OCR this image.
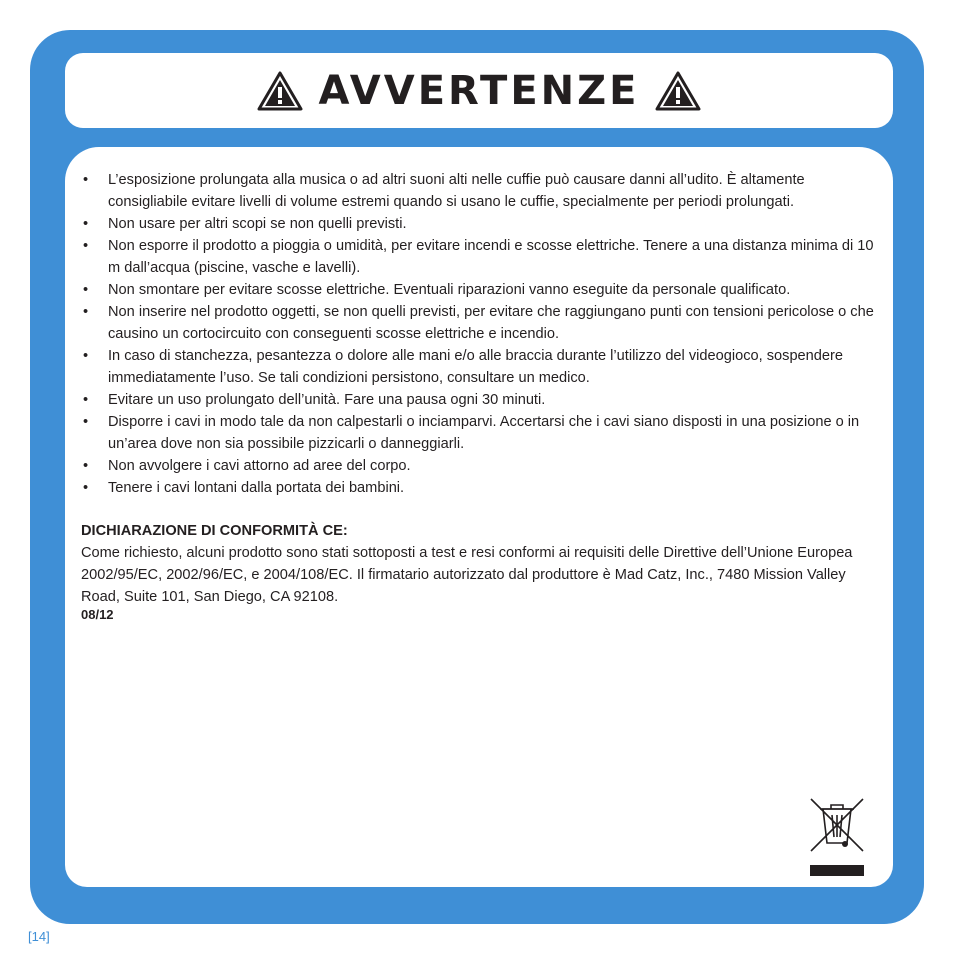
AVVERTENZE
• L’esposizione prolungata alla musica o ad altri suoni alti nelle cuffie può causare danni all’udito. È altamente consigliabile evitare livelli di volume estremi quando si usano le cuffie, specialmente per periodi prolungati.
• Non usare per altri scopi se non quelli previsti.
• Non esporre il prodotto a pioggia o umidità, per evitare incendi e scosse elettriche. Tenere a una distanza minima di 10 m dall’acqua (piscine, vasche e lavelli).
• Non smontare per evitare scosse elettriche. Eventuali riparazioni vanno eseguite da personale qualificato.
• Non inserire nel prodotto oggetti, se non quelli previsti, per evitare che raggiungano punti con tensioni pericolose o che causino un cortocircuito con conseguenti scosse elettriche e incendio.
• In caso di stanchezza, pesantezza o dolore alle mani e/o alle braccia durante l’utilizzo del videogioco, sospendere immediatamente l’uso. Se tali condizioni persistono, consultare un medico.
• Evitare un uso prolungato dell’unità. Fare una pausa ogni 30 minuti.
• Disporre i cavi in modo tale da non calpestarli o inciamparvi. Accertarsi che i cavi siano disposti in una posizione o in un’area dove non sia possibile pizzicarli o danneggiarli.
• Non avvolgere i cavi attorno ad aree del corpo.
• Tenere i cavi lontani dalla portata dei bambini.
DICHIARAZIONE DI CONFORMITÀ CE:
Come richiesto, alcuni prodotto sono stati sottoposti a test e resi conformi ai requisiti delle Direttive dell’Unione Europea 2002/95/EC, 2002/96/EC, e 2004/108/EC. Il firmatario autorizzato dal produttore è Mad Catz, Inc., 7480 Mission Valley Road, Suite 101, San Diego, CA 92108.
08/12
[14]
